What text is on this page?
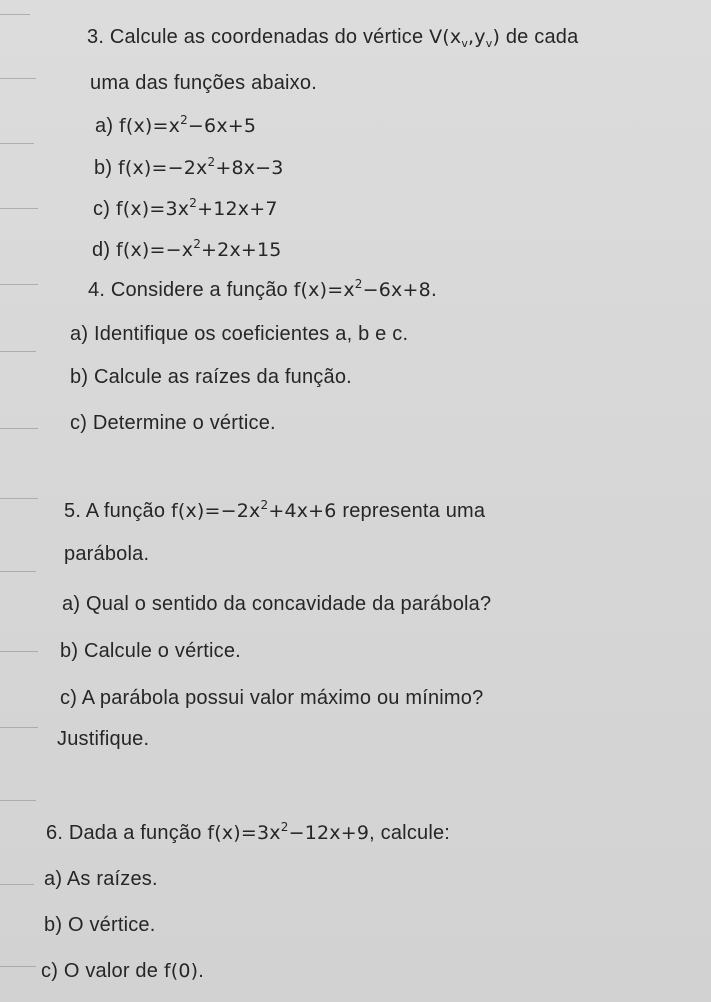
3. Calcule as coordenadas do vértice $V(x_v,y_v)$ de cada
uma das funções abaixo.
a) $f(x)=x^2-6x+5$
b) $f(x)=-2x^2+8x-3$
c) $f(x)=3x^2+12x+7$
d) $f(x)=-x^2+2x+15$
4. Considere a função $f(x)=x^2-6x+8$.
a) Identifique os coeficientes a, b e c.
b) Calcule as raízes da função.
c) Determine o vértice.
5. A função $f(x)=-2x^2+4x+6$ representa uma
parábola.
a) Qual o sentido da concavidade da parábola?
b) Calcule o vértice.
c) A parábola possui valor máximo ou mínimo?
Justifique.
6. Dada a função $f(x)=3x^2-12x+9$, calcule:
a) As raízes.
b) O vértice.
c) O valor de f(0).
